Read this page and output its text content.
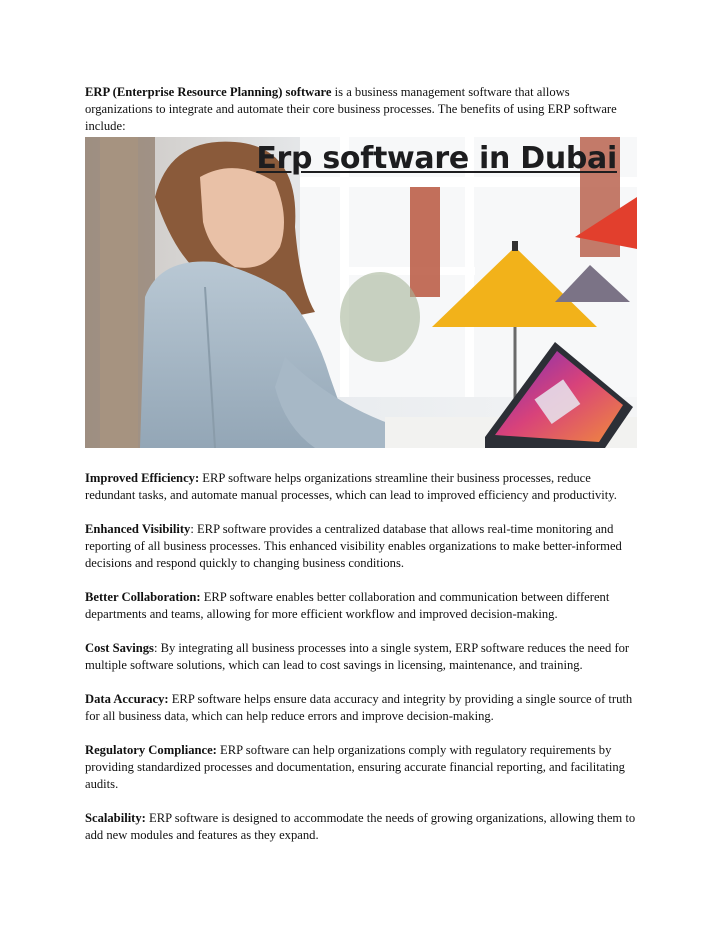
ERP (Enterprise Resource Planning) software is a business management software that allows organizations to integrate and automate their core business processes. The benefits of using ERP software include:

Erp software in Dubai

Improved Efficiency: ERP software helps organizations streamline their business processes, reduce redundant tasks, and automate manual processes, which can lead to improved efficiency and productivity.

Enhanced Visibility: ERP software provides a centralized database that allows real-time monitoring and reporting of all business processes. This enhanced visibility enables organizations to make better-informed decisions and respond quickly to changing business conditions.

Better Collaboration: ERP software enables better collaboration and communication between different departments and teams, allowing for more efficient workflow and improved decision-making.

Cost Savings: By integrating all business processes into a single system, ERP software reduces the need for multiple software solutions, which can lead to cost savings in licensing, maintenance, and training.

Data Accuracy: ERP software helps ensure data accuracy and integrity by providing a single source of truth for all business data, which can help reduce errors and improve decision-making.

Regulatory Compliance: ERP software can help organizations comply with regulatory requirements by providing standardized processes and documentation, ensuring accurate financial reporting, and facilitating audits.

Scalability: ERP software is designed to accommodate the needs of growing organizations, allowing them to add new modules and features as they expand.
